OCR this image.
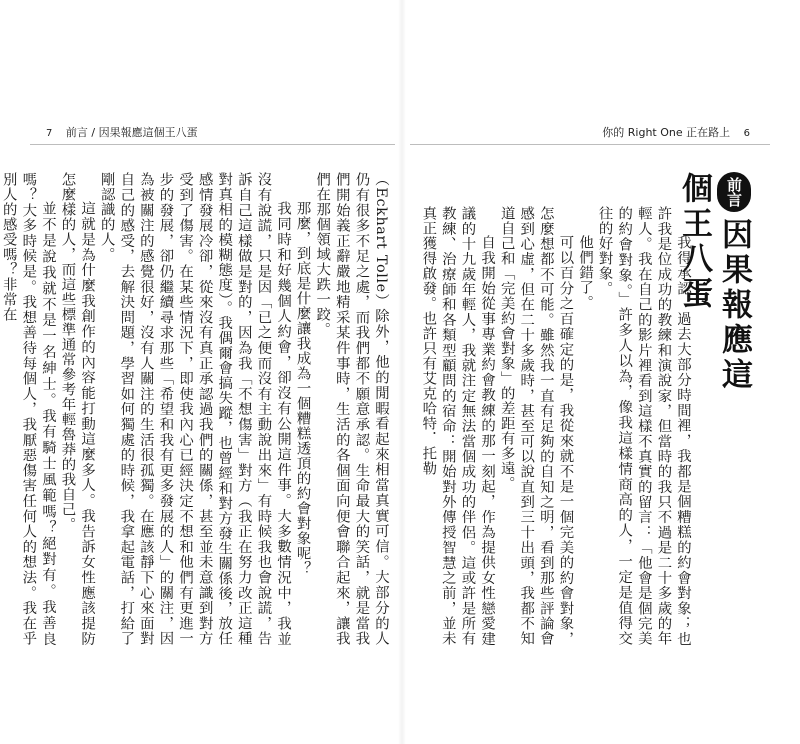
7 前言 / 因果報應這個王八蛋	你的 Right One 正在路上 6
前言因果報應這個王八蛋
我得承認，過去大部分時間裡，我都是個糟糕的約會對象；也許我是位成功的教練和演說家，但當時的我只不過是二十多歲的年輕人。我在自己的影片裡看到這樣不真實的留言：「他會是個完美的約會對象。」許多人以為，像我這樣情商高的人，一定是值得交往的好對象。
他們錯了。
可以百分之百確定的是，我從來就不是一個完美的約會對象，怎麼想都不可能。雖然我一直有足夠的自知之明，看到那些評論會感到心虛，但在二十多歲時，甚至可以說直到三十出頭，我都不知道自己和「完美約會對象」的差距有多遠。
自我開始從事專業約會教練的那一刻起，作為提供女性戀愛建議的十九歲年輕人，我就注定無法當個成功的伴侶。這或許是所有教練、治療師和各類型顧問的宿命：開始對外傳授智慧之前，並未真正獲得啟發。也許只有艾克哈特．托勒
（Eckhart Tolle）除外，他的閒暇看起來相當真實可信。大部分的人仍有很多不足之處，而我們都不願意承認。生命最大的笑話，就是當我們開始義正辭嚴地精采某件事時，生活的各個面向便會聯合起來，讓我們在那個領域大跌一跤。
那麼，到底是什麼讓我成為一個糟糕透頂的約會對象呢？
我同時和好幾個人約會，卻沒有公開這件事。大多數情況中，我並沒有說謊，只是因「已之便而沒有主動說出來」有時候我也會說謊，告訴自己這樣做是對的，因為我「不想傷害」對方（我正在努力改正這種對真相的模糊態度）。我偶爾會搞失蹤，也曾經和對方發生關係後，放任感情發展冷卻，從來沒有真正承認過我們的關係，甚至並未意識到對方受到了傷害。在某些情況下，即使我內心已經決定不想和他們有更進一步的發展，卻仍繼續尋求那些「希望和我有更多發展的人」的關注，因為被關注的感覺很好，沒有人關注的生活很孤獨。在應該靜下心來面對自己的感受，去解決問題，學習如何獨處的時候，我拿起電話，打給了剛認識的人。
這就是為什麼我創作的內容能打動這麼多人。我告訴女性應該提防怎麼樣的人，而這些標準通常參考年輕魯莽的我自己。
並不是說我就不是一名紳士。我有騎士風範嗎？絕對有。我善良嗎？大多時候是。我想善待每個人，我厭惡傷害任何人的想法。我在乎別人的感受嗎？非常在
